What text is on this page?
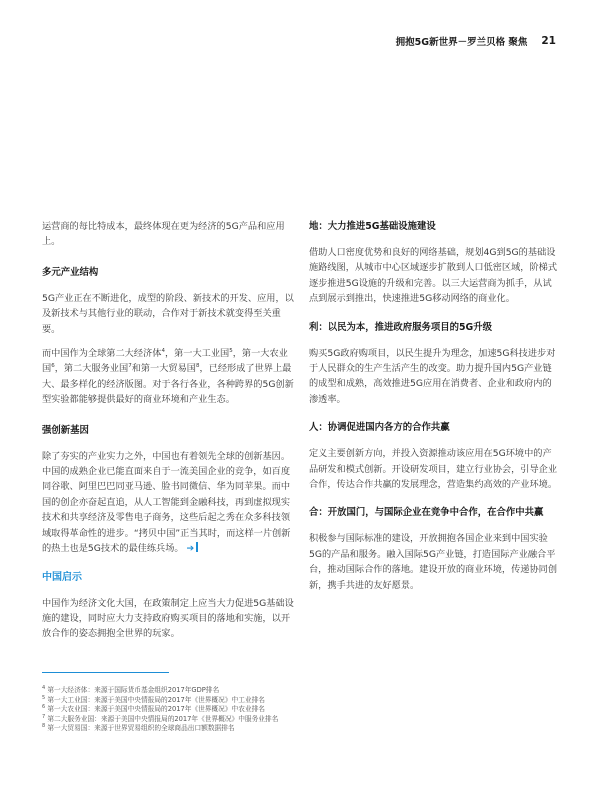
拥抱5G新世界－罗兰贝格 聚焦 21

运营商的每比特成本，最终体现在更为经济的5G产品和应用上。

多元产业结构

5G产业正在不断进化，成型的阶段、新技术的开发、应用，以及新技术与其他行业的联动，合作对于新技术就变得至关重要。

而中国作为全球第二大经济体$^4$，第一大工业国$^5$，第一大农业国$^6$，第二大服务业国$^7$和第一大贸易国$^8$，已经形成了世界上最大、最多样化的经济版图。对于各行各业，各种跨界的5G创新型实验都能够提供最好的商业环境和产业生态。

强创新基因

除了夯实的产业实力之外，中国也有着领先全球的创新基因。中国的成熟企业已能直面来自于一流美国企业的竞争，如百度同谷歌、阿里巴巴同亚马逊、脸书同微信、华为同苹果。而中国的创企亦奋起直追，从人工智能到金融科技，再到虚拟现实技术和共享经济及零售电子商务，这些后起之秀在众多科技领域取得革命性的进步。“拷贝中国”正当其时，而这样一片创新的热土也是5G技术的最佳练兵场。 ➔

中国启示

中国作为经济文化大国，在政策制定上应当大力促进5G基础设施的建设，同时应大力支持政府购买项目的落地和实施，以开放合作的姿态拥抱全世界的玩家。

地：大力推进5G基础设施建设

借助人口密度优势和良好的网络基础，规划4G到5G的基础设施路线图，从城市中心区域逐步扩散到人口低密区域，阶梯式逐步推进5G设施的升级和完善。以三大运营商为抓手，从试点到展示到推出，快速推进5G移动网络的商业化。

利：以民为本，推进政府服务项目的5G升级

购买5G政府购项目，以民生提升为理念，加速5G科技进步对于人民群众的生产生活产生的改变。助力提升国内5G产业链的成型和成熟，高效推进5G应用在消费者、企业和政府内的渗透率。

人：协调促进国内各方的合作共赢

定义主要创新方向，并投入资源推动该应用在5G环境中的产品研发和模式创新。开设研发项目，建立行业协会，引导企业合作，传达合作共赢的发展理念，营造集约高效的产业环境。

合：开放国门，与国际企业在竞争中合作，在合作中共赢

积极参与国际标准的建设，开放拥抱各国企业来到中国实验5G的产品和服务。融入国际5G产业链，打造国际产业融合平台，推动国际合作的落地。建设开放的商业环境，传递协同创新，携手共进的友好愿景。

$^4$ 第一大经济体：来源于国际货币基金组织2017年GDP排名
$^5$ 第一大工业国：来源于美国中央情报局的2017年《世界概况》中工业排名
$^6$ 第一大农业国：来源于美国中央情报局的2017年《世界概况》中农业排名
$^7$ 第二大服务业国：来源于美国中央情报局的2017年《世界概况》中服务业排名
$^8$ 第一大贸易国：来源于世界贸易组织的全球商品出口额数据排名
